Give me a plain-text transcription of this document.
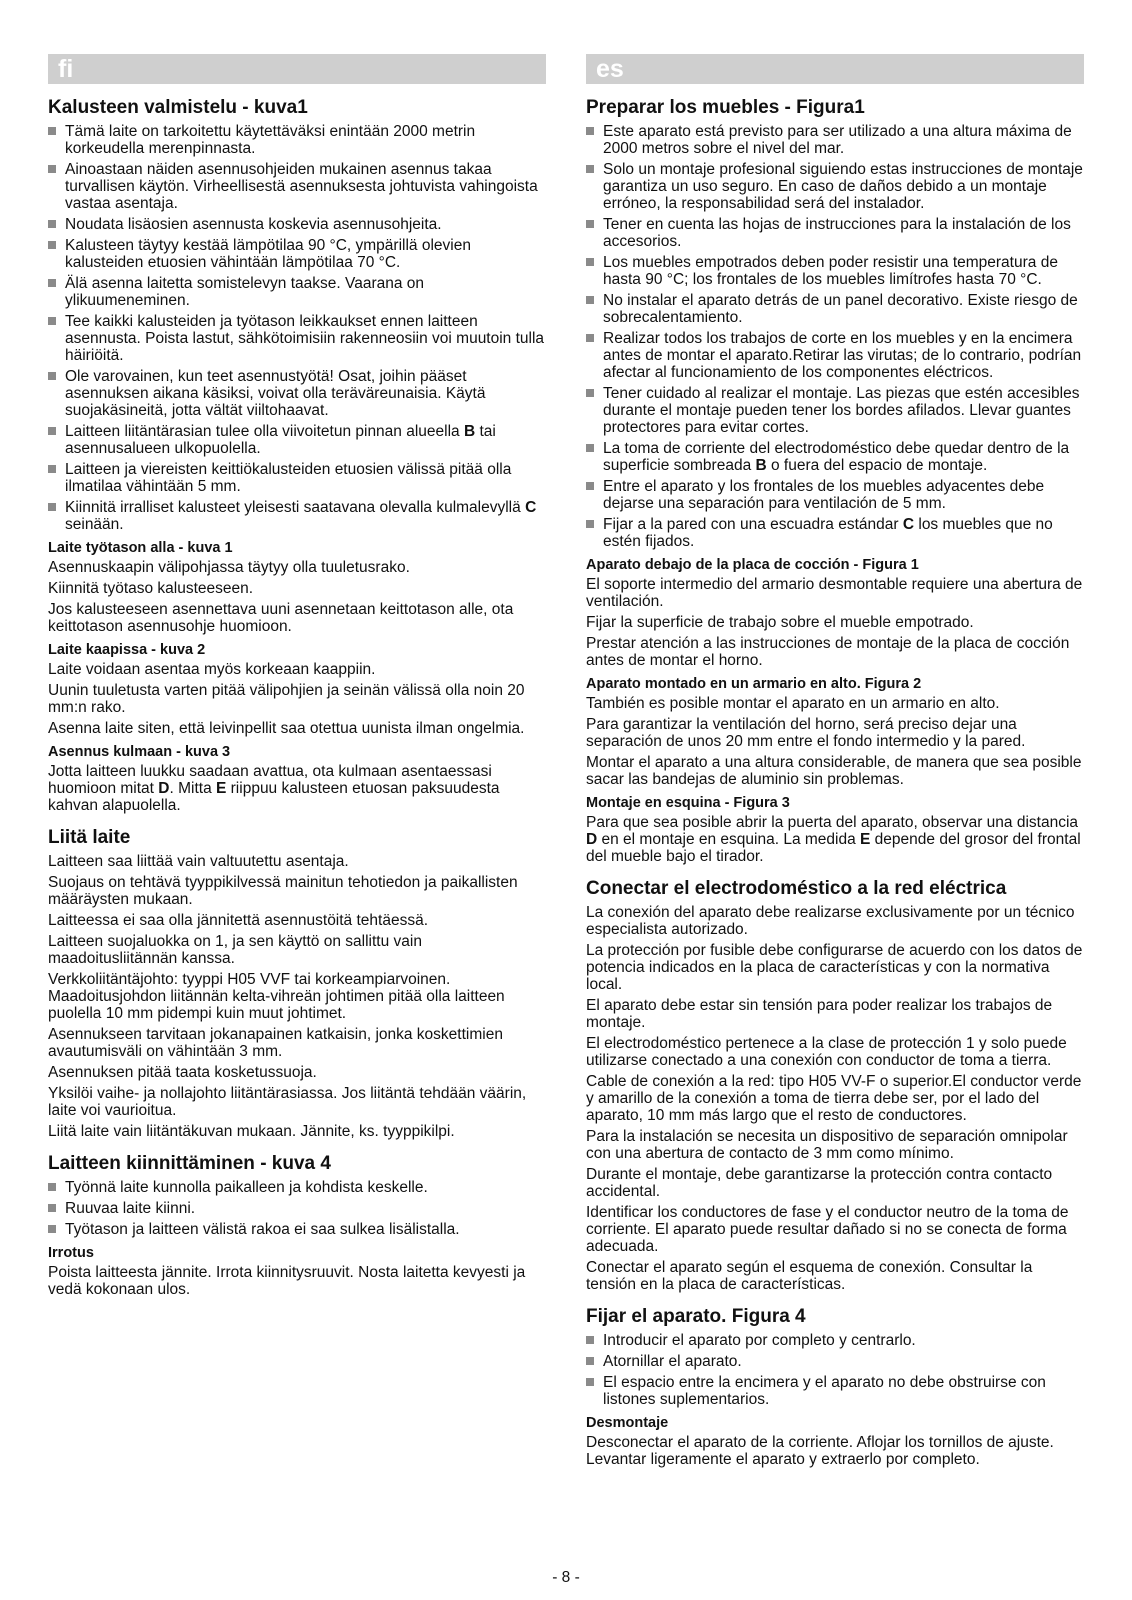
fi
Kalusteen valmistelu - kuva1
Tämä laite on tarkoitettu käytettäväksi enintään 2000 metrin korkeudella merenpinnasta.
Ainoastaan näiden asennusohjeiden mukainen asennus takaa turvallisen käytön. Virheellisestä asennuksesta johtuvista vahingoista vastaa asentaja.
Noudata lisäosien asennusta koskevia asennusohjeita.
Kalusteen täytyy kestää lämpötilaa 90 °C, ympärillä olevien kalusteiden etuosien vähintään lämpötilaa 70 °C.
Älä asenna laitetta somistelevyn taakse. Vaarana on ylikuumeneminen.
Tee kaikki kalusteiden ja työtason leikkaukset ennen laitteen asennusta. Poista lastut, sähkötoimisiin rakenneosiin voi muutoin tulla häiriöitä.
Ole varovainen, kun teet asennustyötä! Osat, joihin pääset asennuksen aikana käsiksi, voivat olla teräväreunaisia. Käytä suojakäsineitä, jotta vältät viiltohaavat.
Laitteen liitäntärasian tulee olla viivoitetun pinnan alueella B tai asennusalueen ulkopuolella.
Laitteen ja viereisten keittiökalusteiden etuosien välissä pitää olla ilmatilaa vähintään 5 mm.
Kiinnitä irralliset kalusteet yleisesti saatavana olevalla kulmalevyllä C seinään.
Laite työtason alla - kuva 1

Asennuskaapin välipohjassa täytyy olla tuuletusrako.

Kiinnitä työtaso kalusteeseen.

Jos kalusteeseen asennettava uuni asennetaan keittotason alle, ota keittotason asennusohje huomioon.

Laite kaapissa - kuva 2

Laite voidaan asentaa myös korkeaan kaappiin.

Uunin tuuletusta varten pitää välipohjien ja seinän välissä olla noin 20 mm:n rako.

Asenna laite siten, että leivinpellit saa otettua uunista ilman ongelmia.

Asennus kulmaan - kuva 3

Jotta laitteen luukku saadaan avattua, ota kulmaan asentaessasi huomioon mitat D. Mitta E riippuu kalusteen etuosan paksuudesta kahvan alapuolella.

Liitä laite

Laitteen saa liittää vain valtuutettu asentaja.

Suojaus on tehtävä tyyppikilvessä mainitun tehotiedon ja paikallisten määräysten mukaan.

Laitteessa ei saa olla jännitettä asennustöitä tehtäessä.

Laitteen suojaluokka on 1, ja sen käyttö on sallittu vain maadoitusliitännän kanssa.

Verkkoliitäntäjohto: tyyppi H05 VVF tai korkeampiarvoinen. Maadoitusjohdon liitännän kelta-vihreän johtimen pitää olla laitteen puolella 10 mm pidempi kuin muut johtimet.

Asennukseen tarvitaan jokanapainen katkaisin, jonka koskettimien avautumisväli on vähintään 3 mm.

Asennuksen pitää taata kosketussuoja.

Yksilöi vaihe- ja nollajohto liitäntärasiassa. Jos liitäntä tehdään väärin, laite voi vaurioitua.

Liitä laite vain liitäntäkuvan mukaan. Jännite, ks. tyyppikilpi.

Laitteen kiinnittäminen - kuva 4
Työnnä laite kunnolla paikalleen ja kohdista keskelle.
Ruuvaa laite kiinni.
Työtason ja laitteen välistä rakoa ei saa sulkea lisälistalla.
Irrotus

Poista laitteesta jännite. Irrota kiinnitysruuvit. Nosta laitetta kevyesti ja vedä kokonaan ulos.

es
Preparar los muebles - Figura1
Este aparato está previsto para ser utilizado a una altura máxima de 2000 metros sobre el nivel del mar.
Solo un montaje profesional siguiendo estas instrucciones de montaje garantiza un uso seguro. En caso de daños debido a un montaje erróneo, la responsabilidad será del instalador.
Tener en cuenta las hojas de instrucciones para la instalación de los accesorios.
Los muebles empotrados deben poder resistir una temperatura de hasta 90 °C; los frontales de los muebles limítrofes hasta 70 °C.
No instalar el aparato detrás de un panel decorativo. Existe riesgo de sobrecalentamiento.
Realizar todos los trabajos de corte en los muebles y en la encimera antes de montar el aparato.Retirar las virutas; de lo contrario, podrían afectar al funcionamiento de los componentes eléctricos.
Tener cuidado al realizar el montaje. Las piezas que estén accesibles durante el montaje pueden tener los bordes afilados. Llevar guantes protectores para evitar cortes.
La toma de corriente del electrodoméstico debe quedar dentro de la superficie sombreada B o fuera del espacio de montaje.
Entre el aparato y los frontales de los muebles adyacentes debe dejarse una separación para ventilación de 5 mm.
Fijar a la pared con una escuadra estándar C los muebles que no estén fijados.
Aparato debajo de la placa de cocción - Figura 1

El soporte intermedio del armario desmontable requiere una abertura de ventilación.

Fijar la superficie de trabajo sobre el mueble empotrado.

Prestar atención a las instrucciones de montaje de la placa de cocción antes de montar el horno.

Aparato montado en un armario en alto. Figura 2

También es posible montar el aparato en un armario en alto.

Para garantizar la ventilación del horno, será preciso dejar una separación de unos 20 mm entre el fondo intermedio y la pared.

Montar el aparato a una altura considerable, de manera que sea posible sacar las bandejas de aluminio sin problemas.

Montaje en esquina - Figura 3

Para que sea posible abrir la puerta del aparato, observar una distancia D en el montaje en esquina. La medida E depende del grosor del frontal del mueble bajo el tirador.

Conectar el electrodoméstico a la red eléctrica

La conexión del aparato debe realizarse exclusivamente por un técnico especialista autorizado.

La protección por fusible debe configurarse de acuerdo con los datos de potencia indicados en la placa de características y con la normativa local.

El aparato debe estar sin tensión para poder realizar los trabajos de montaje.

El electrodoméstico pertenece a la clase de protección 1 y solo puede utilizarse conectado a una conexión con conductor de toma a tierra.

Cable de conexión a la red: tipo H05 VV-F o superior.El conductor verde y amarillo de la conexión a toma de tierra debe ser, por el lado del aparato, 10 mm más largo que el resto de conductores.

Para la instalación se necesita un dispositivo de separación omnipolar con una abertura de contacto de 3 mm como mínimo.

Durante el montaje, debe garantizarse la protección contra contacto accidental.

Identificar los conductores de fase y el conductor neutro de la toma de corriente. El aparato puede resultar dañado si no se conecta de forma adecuada.

Conectar el aparato según el esquema de conexión. Consultar la tensión en la placa de características.

Fijar el aparato. Figura 4
Introducir el aparato por completo y centrarlo.
Atornillar el aparato.
El espacio entre la encimera y el aparato no debe obstruirse con listones suplementarios.
Desmontaje

Desconectar el aparato de la corriente. Aflojar los tornillos de ajuste. Levantar ligeramente el aparato y extraerlo por completo.

- 8 -
